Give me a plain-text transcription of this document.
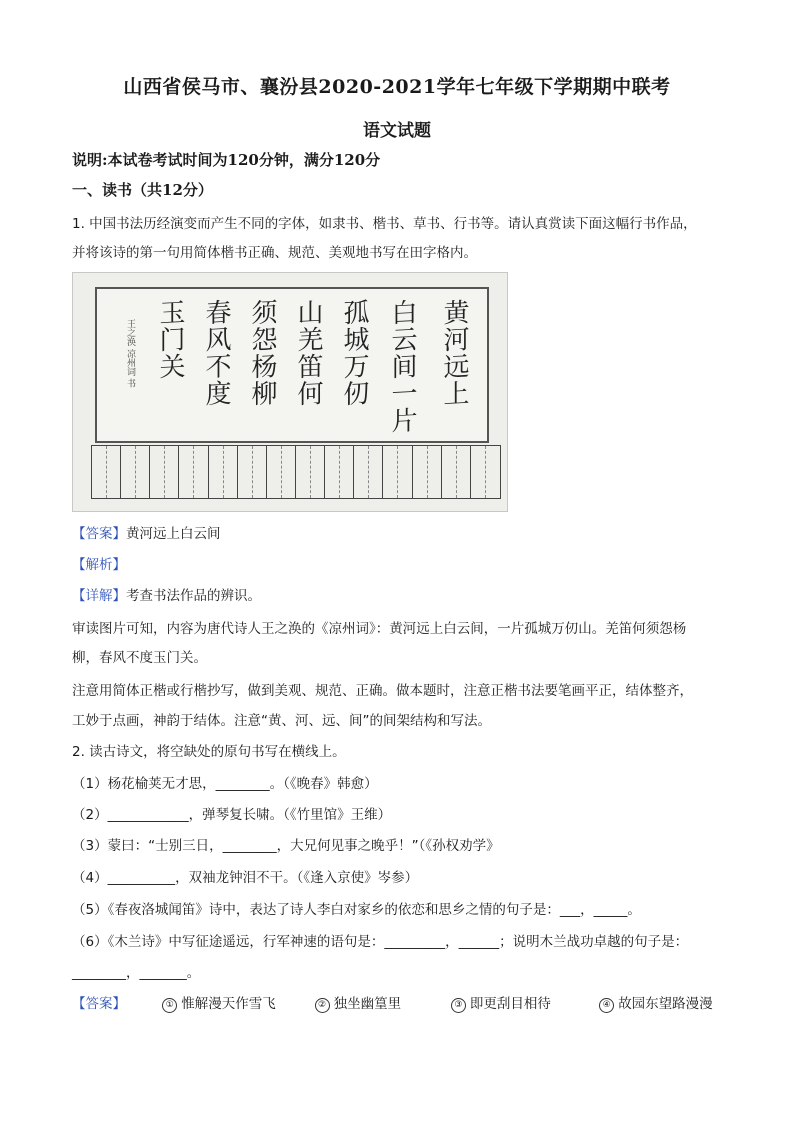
山西省侯马市、襄汾县2020-2021学年七年级下学期期中联考
语文试题
说明:本试卷考试时间为120分钟，满分120分
一、读书（共12分）
1. 中国书法历经演变而产生不同的字体，如隶书、楷书、草书、行书等。请认真赏读下面这幅行书作品，
并将该诗的第一句用简体楷书正确、规范、美观地书写在田字格内。
黄河远上
白云间一片
孤城万仞
山羌笛何
须怨杨柳
春风不度
玉门关
王之涣 凉州词 书
【答案】黄河远上白云间
【解析】
【详解】考查书法作品的辨识。
审读图片可知，内容为唐代诗人王之涣的《凉州词》：黄河远上白云间，一片孤城万仞山。羌笛何须怨杨
柳，春风不度玉门关。
注意用简体正楷或行楷抄写，做到美观、规范、正确。做本题时，注意正楷书法要笔画平正，结体整齐，
工妙于点画，神韵于结体。注意“黄、河、远、间”的间架结构和写法。
2. 读古诗文，将空缺处的原句书写在横线上。
（1）杨花榆荚无才思，________。（《晚春》韩愈）
（2）____________，弹琴复长啸。（《竹里馆》王维）
（3）蒙曰：“士别三日，________，大兄何见事之晚乎！”（《孙权劝学》
（4）__________，双袖龙钟泪不干。（《逢入京使》岑参）
（5）《春夜洛城闻笛》诗中，表达了诗人李白对家乡的依恋和思乡之情的句子是：___，_____。
（6）《木兰诗》中写征途遥远，行军神速的语句是：_________，______；说明木兰战功卓越的句子是：
________，_______。
【答案】	① 惟解漫天作雪飞	② 独坐幽篁里	③ 即更刮目相待	④ 故园东望路漫漫
